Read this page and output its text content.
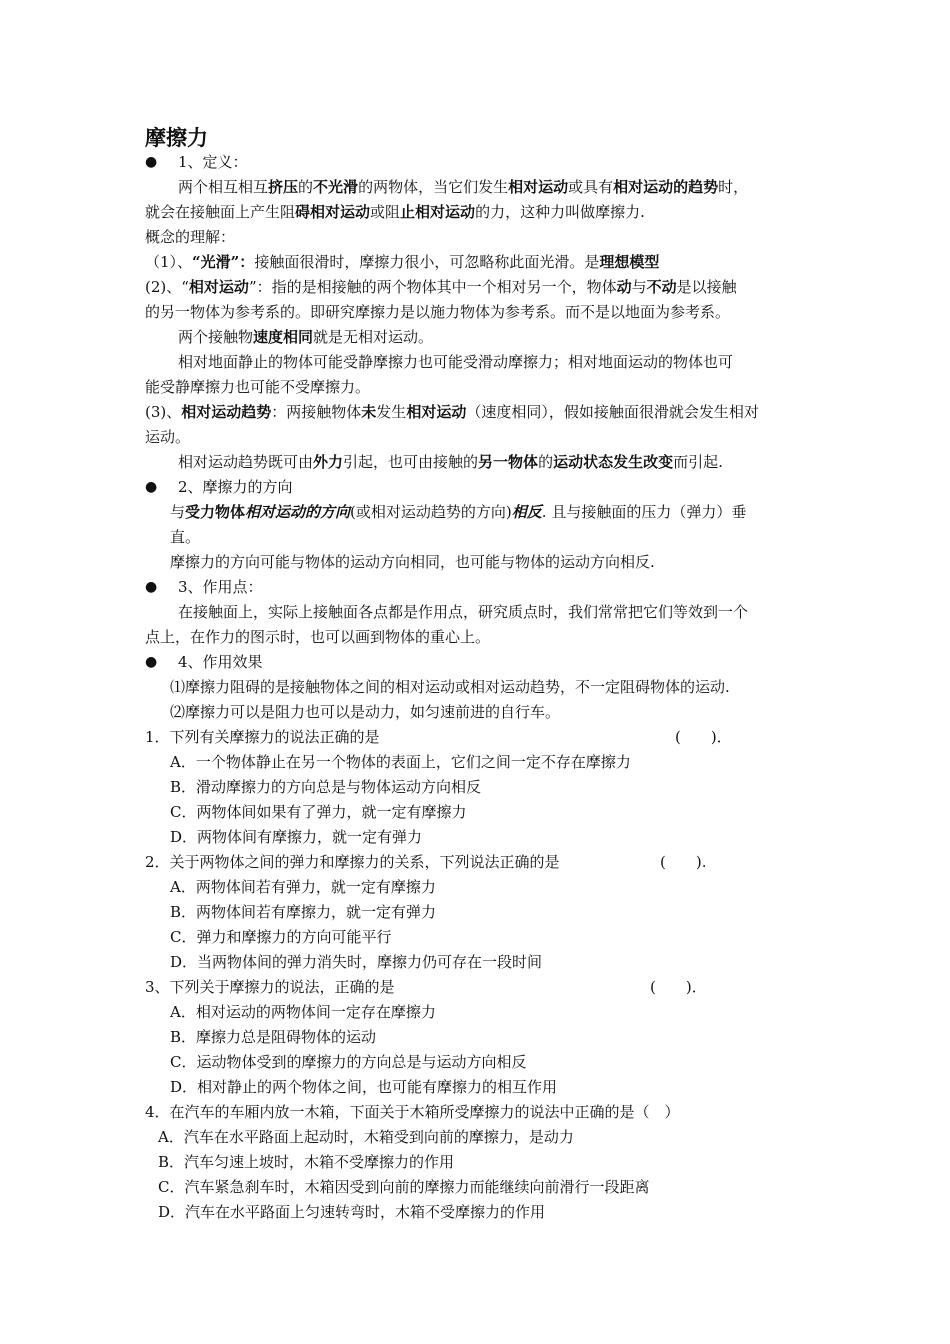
摩擦力
● 1、定义：
两个相互相互挤压的不光滑的两物体，当它们发生相对运动或具有相对运动的趋势时，
就会在接触面上产生阻碍相对运动或阻止相对运动的力，这种力叫做摩擦力.
概念的理解：
（1）、“光滑”：接触面很滑时，摩擦力很小，可忽略称此面光滑。是理想模型
(2)、“相对运动”：指的是相接触的两个物体其中一个相对另一个，物体动与不动是以接触
的另一物体为参考系的。即研究摩擦力是以施力物体为参考系。而不是以地面为参考系。
两个接触物速度相同就是无相对运动。
相对地面静止的物体可能受静摩擦力也可能受滑动摩擦力；相对地面运动的物体也可
能受静摩擦力也可能不受摩擦力。
(3)、相对运动趋势：两接触物体未发生相对运动（速度相同），假如接触面很滑就会发生相对
运动。
相对运动趋势既可由外力引起，也可由接触的另一物体的运动状态发生改变而引起.
● 2、摩擦力的方向
与受力物体相对运动的方向(或相对运动趋势的方向)相反. 且与接触面的压力（弹力）垂
直。
摩擦力的方向可能与物体的运动方向相同，也可能与物体的运动方向相反.
● 3、作用点：
在接触面上，实际上接触面各点都是作用点，研究质点时，我们常常把它们等效到一个
点上，在作力的图示时，也可以画到物体的重心上。
● 4、作用效果
⑴摩擦力阻碍的是接触物体之间的相对运动或相对运动趋势，不一定阻碍物体的运动.
⑵摩擦力可以是阻力也可以是动力，如匀速前进的自行车。
1．下列有关摩擦力的说法正确的是	(　　)．
A．一个物体静止在另一个物体的表面上，它们之间一定不存在摩擦力
B．滑动摩擦力的方向总是与物体运动方向相反
C．两物体间如果有了弹力，就一定有摩擦力
D．两物体间有摩擦力，就一定有弹力
2．关于两物体之间的弹力和摩擦力的关系，下列说法正确的是	(　　).
A．两物体间若有弹力，就一定有摩擦力
B．两物体间若有摩擦力，就一定有弹力
C．弹力和摩擦力的方向可能平行
D．当两物体间的弹力消失时，摩擦力仍可存在一段时间
3、下列关于摩擦力的说法，正确的是	(　　)．
A．相对运动的两物体间一定存在摩擦力
B．摩擦力总是阻碍物体的运动
C．运动物体受到的摩擦力的方向总是与运动方向相反
D．相对静止的两个物体之间，也可能有摩擦力的相互作用
4．在汽车的车厢内放一木箱，下面关于木箱所受摩擦力的说法中正确的是（　）
A．汽车在水平路面上起动时，木箱受到向前的摩擦力，是动力
B．汽车匀速上坡时，木箱不受摩擦力的作用
C．汽车紧急刹车时，木箱因受到向前的摩擦力而能继续向前滑行一段距离
D．汽车在水平路面上匀速转弯时，木箱不受摩擦力的作用
